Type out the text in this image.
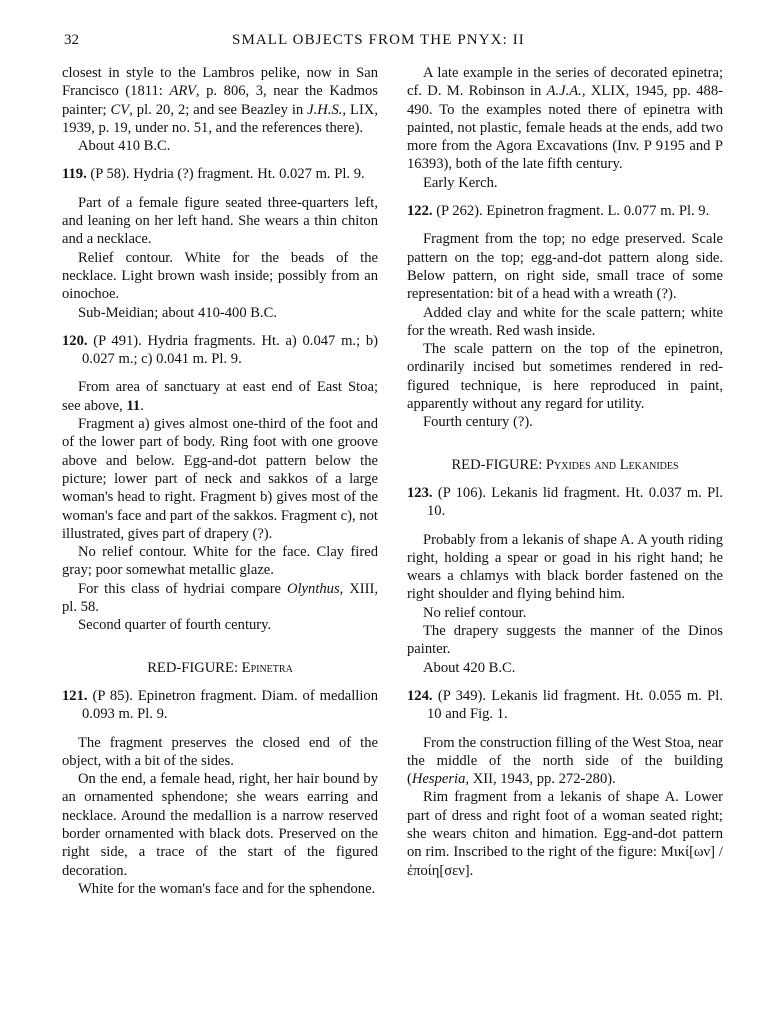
32	SMALL OBJECTS FROM THE PNYX: II

closest in style to the Lambros pelike, now in San Francisco (1811: ARV, p. 806, 3, near the Kadmos painter; CV, pl. 20, 2; and see Beazley in J.H.S., LIX, 1939, p. 19, under no. 51, and the references there).

About 410 B.C.

119. (P 58). Hydria (?) fragment. Ht. 0.027 m. Pl. 9.

Part of a female figure seated three-quarters left, and leaning on her left hand. She wears a thin chiton and a necklace.

Relief contour. White for the beads of the necklace. Light brown wash inside; possibly from an oinochoe.

Sub-Meidian; about 410-400 B.C.

120. (P 491). Hydria fragments. Ht. a) 0.047 m.; b) 0.027 m.; c) 0.041 m. Pl. 9.

From area of sanctuary at east end of East Stoa; see above, 11.

Fragment a) gives almost one-third of the foot and of the lower part of body. Ring foot with one groove above and below. Egg-and-dot pattern below the picture; lower part of neck and sakkos of a large woman's head to right. Fragment b) gives most of the woman's face and part of the sakkos. Fragment c), not illustrated, gives part of drapery (?).

No relief contour. White for the face. Clay fired gray; poor somewhat metallic glaze.

For this class of hydriai compare Olynthus, XIII, pl. 58.

Second quarter of fourth century.

RED-FIGURE: Epinetra

121. (P 85). Epinetron fragment. Diam. of medallion 0.093 m. Pl. 9.

The fragment preserves the closed end of the object, with a bit of the sides.

On the end, a female head, right, her hair bound by an ornamented sphendone; she wears earring and necklace. Around the medallion is a narrow reserved border ornamented with black dots. Preserved on the right side, a trace of the start of the figured decoration.

White for the woman's face and for the sphendone.

A late example in the series of decorated epinetra; cf. D. M. Robinson in A.J.A., XLIX, 1945, pp. 488-490. To the examples noted there of epinetra with painted, not plastic, female heads at the ends, add two more from the Agora Excavations (Inv. P 9195 and P 16393), both of the late fifth century.

Early Kerch.

122. (P 262). Epinetron fragment. L. 0.077 m. Pl. 9.

Fragment from the top; no edge preserved. Scale pattern on the top; egg-and-dot pattern along side. Below pattern, on right side, small trace of some representation: bit of a head with a wreath (?).

Added clay and white for the scale pattern; white for the wreath. Red wash inside.

The scale pattern on the top of the epinetron, ordinarily incised but sometimes rendered in red-figured technique, is here reproduced in paint, apparently without any regard for utility.

Fourth century (?).

RED-FIGURE: Pyxides and Lekanides

123. (P 106). Lekanis lid fragment. Ht. 0.037 m. Pl. 10.

Probably from a lekanis of shape A. A youth riding right, holding a spear or goad in his right hand; he wears a chlamys with black border fastened on the right shoulder and flying behind him.

No relief contour.

The drapery suggests the manner of the Dinos painter.

About 420 B.C.

124. (P 349). Lekanis lid fragment. Ht. 0.055 m. Pl. 10 and Fig. 1.

From the construction filling of the West Stoa, near the middle of the north side of the building (Hesperia, XII, 1943, pp. 272-280).

Rim fragment from a lekanis of shape A. Lower part of dress and right foot of a woman seated right; she wears chiton and himation. Egg-and-dot pattern on rim. Inscribed to the right of the figure: Μικί[ων] / ἐποίη[σεν].
